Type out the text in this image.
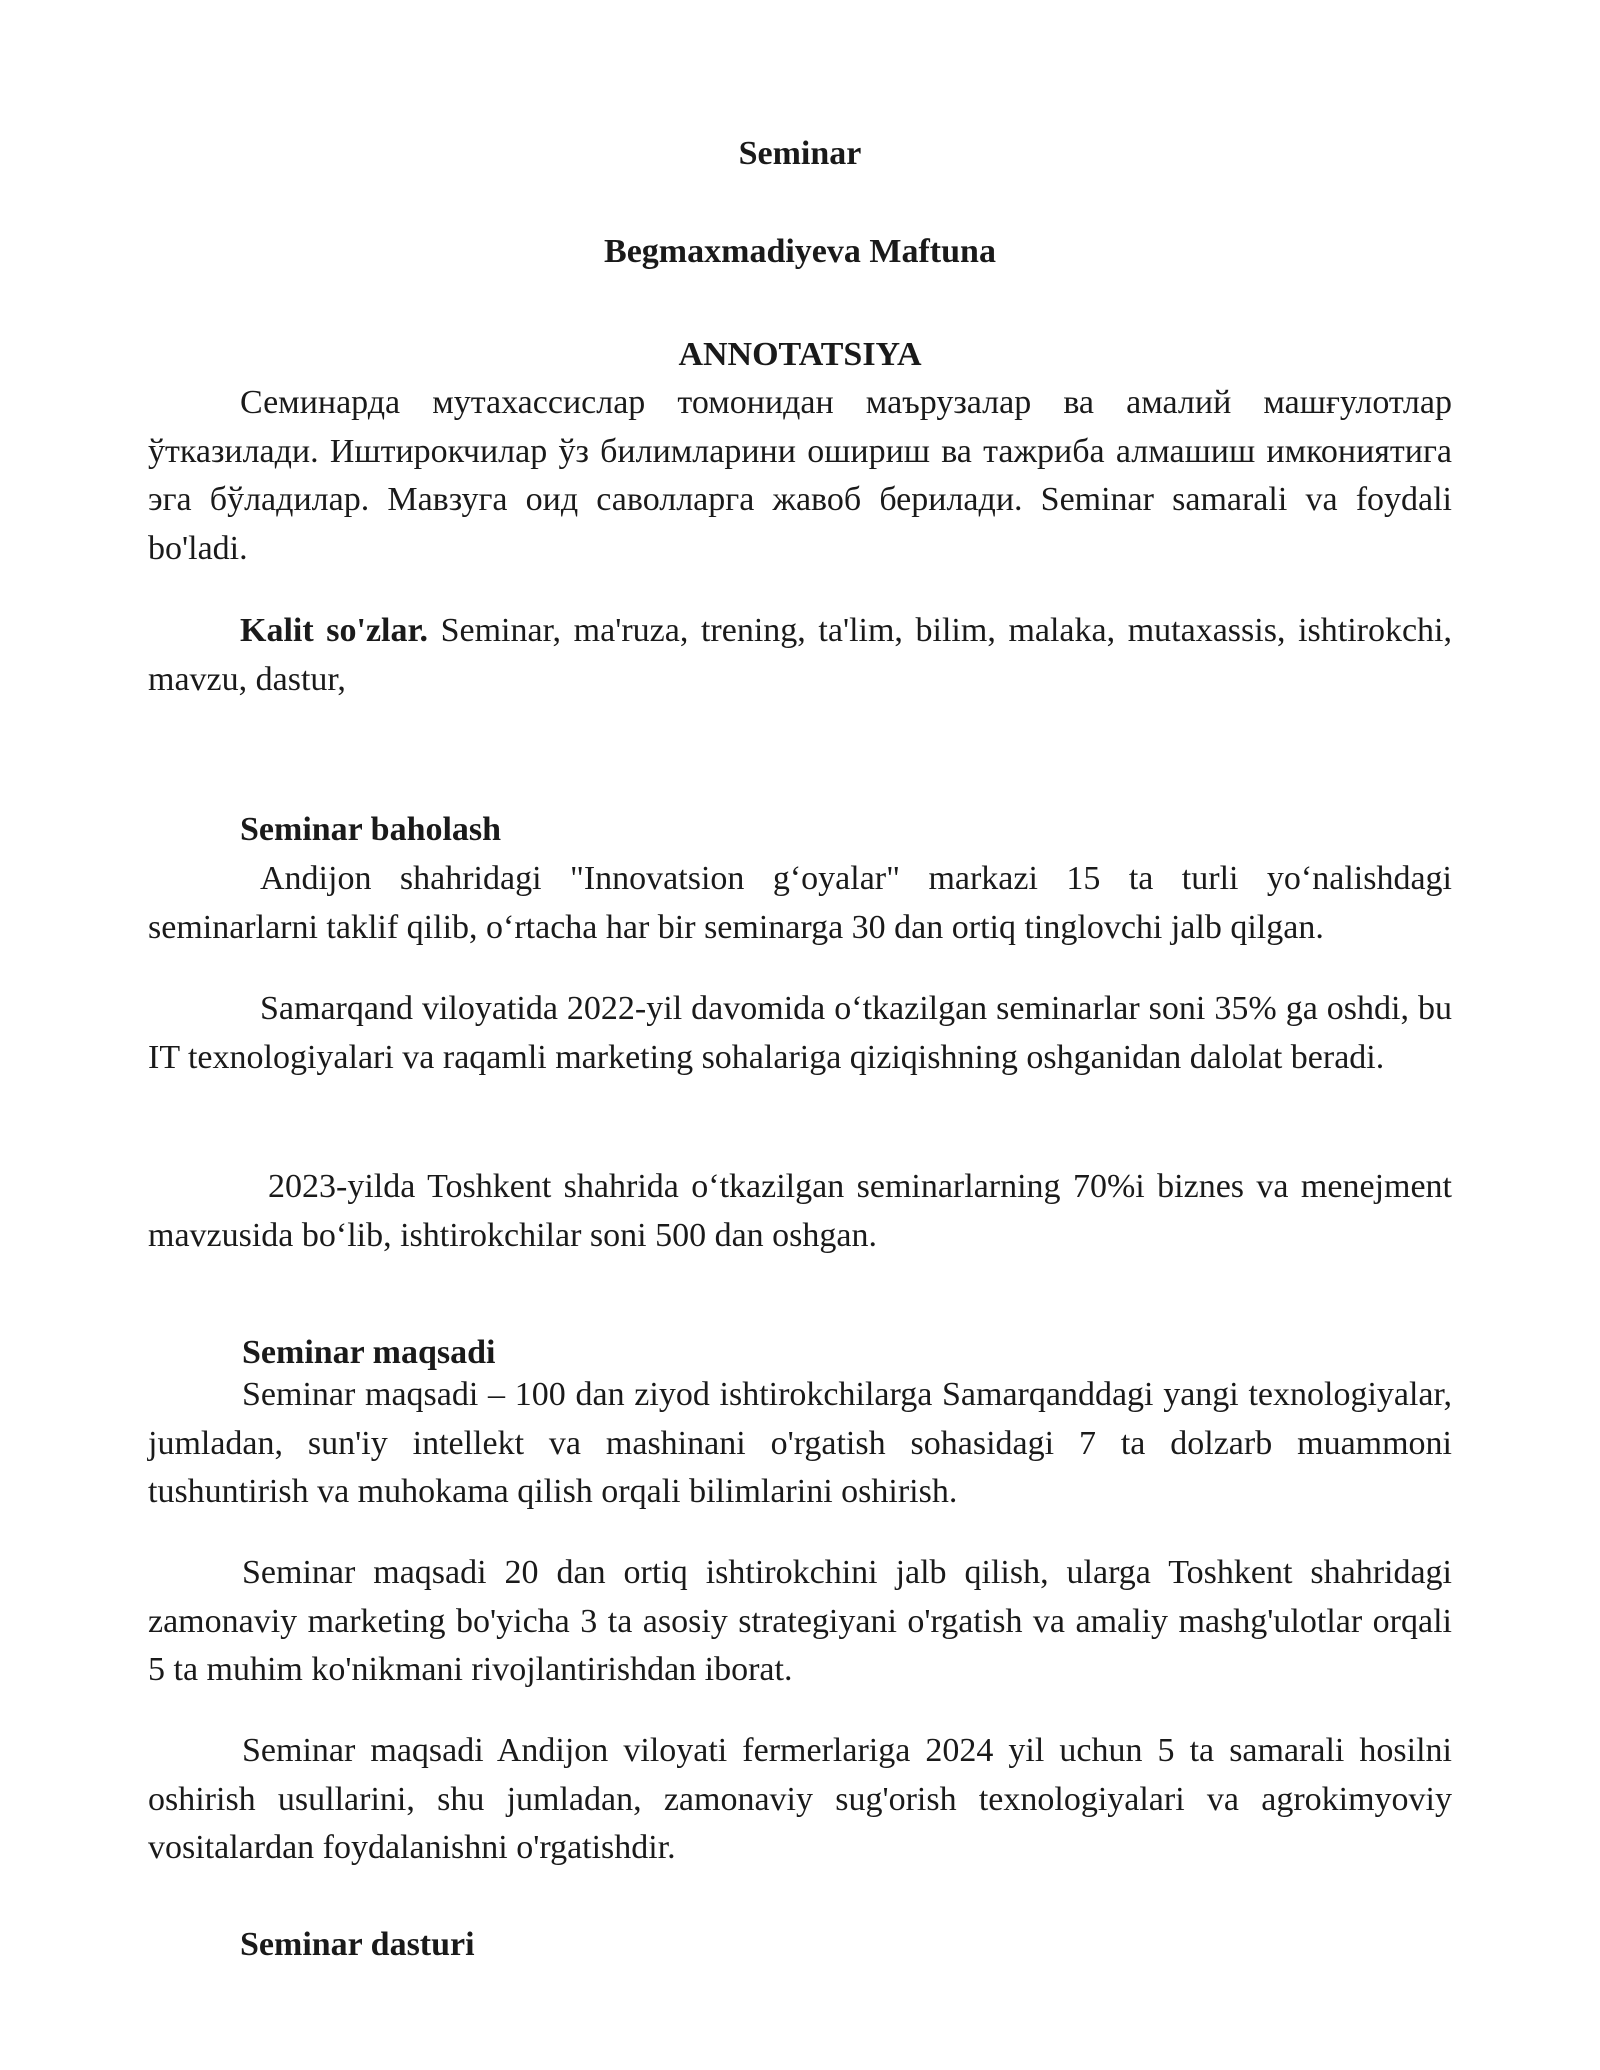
Seminar
Begmaxmadiyeva Maftuna
ANNOTATSIYA

Семинарда мутахассислар томонидан маърузалар ва амалий машғулотлар ўтказилади. Иштирокчилар ўз билимларини ошириш ва тажриба алмашиш имкониятига эга бўладилар. Мавзуга оид саволларга жавоб берилади. Seminar samarali va foydali bo'ladi.

Kalit so'zlar. Seminar, ma'ruza, trening, ta'lim, bilim, malaka, mutaxassis, ishtirokchi, mavzu, dastur,

Seminar baholash

Andijon shahridagi "Innovatsion g‘oyalar" markazi 15 ta turli yo‘nalishdagi seminarlarni taklif qilib, o‘rtacha har bir seminarga 30 dan ortiq tinglovchi jalb qilgan.

Samarqand viloyatida 2022-yil davomida o‘tkazilgan seminarlar soni 35% ga oshdi, bu IT texnologiyalari va raqamli marketing sohalariga qiziqishning oshganidan dalolat beradi.

2023-yilda Toshkent shahrida o‘tkazilgan seminarlarning 70%i biznes va menejment mavzusida bo‘lib, ishtirokchilar soni 500 dan oshgan.

Seminar maqsadi

Seminar maqsadi – 100 dan ziyod ishtirokchilarga Samarqanddagi yangi texnologiyalar, jumladan, sun'iy intellekt va mashinani o'rgatish sohasidagi 7 ta dolzarb muammoni tushuntirish va muhokama qilish orqali bilimlarini oshirish.

Seminar maqsadi 20 dan ortiq ishtirokchini jalb qilish, ularga Toshkent shahridagi zamonaviy marketing bo'yicha 3 ta asosiy strategiyani o'rgatish va amaliy mashg'ulotlar orqali 5 ta muhim ko'nikmani rivojlantirishdan iborat.

Seminar maqsadi Andijon viloyati fermerlariga 2024 yil uchun 5 ta samarali hosilni oshirish usullarini, shu jumladan, zamonaviy sug'orish texnologiyalari va agrokimyoviy vositalardan foydalanishni o'rgatishdir.

Seminar dasturi
